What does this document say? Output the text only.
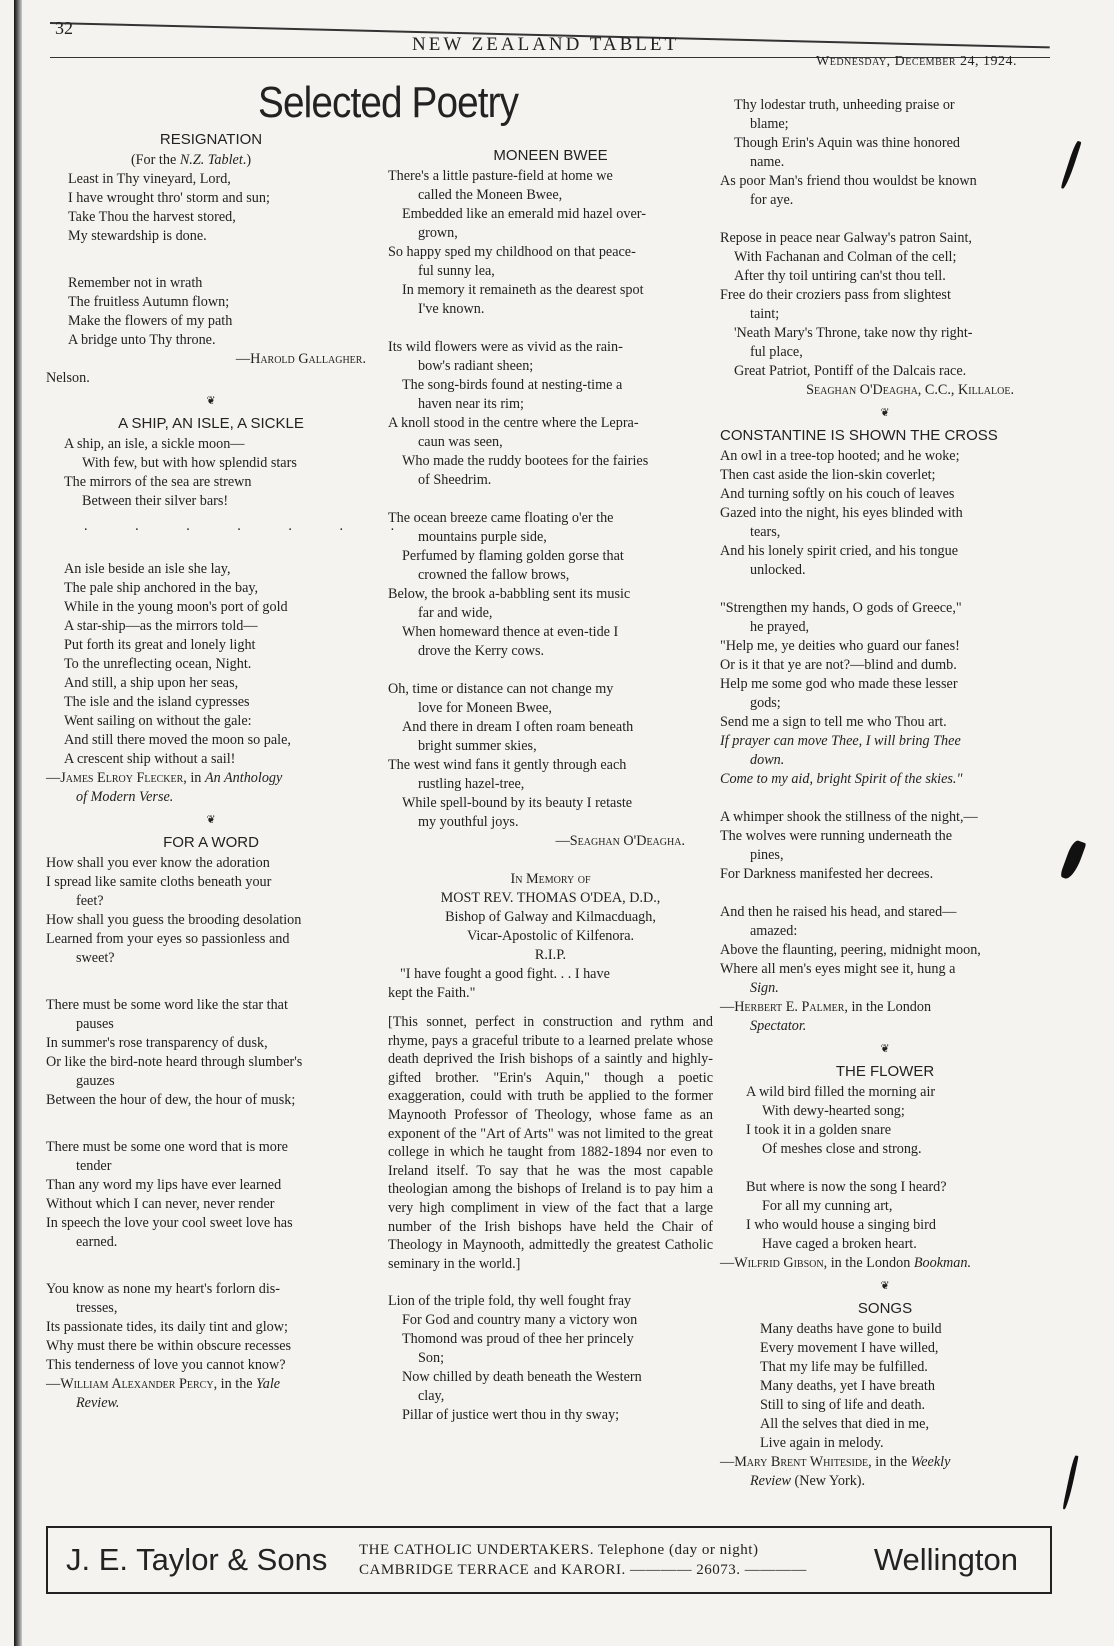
32
NEW ZEALAND TABLET
Wednesday, December 24, 1924.
Selected Poetry
RESIGNATION
(For the N.Z. Tablet.)
Least in Thy vineyard, Lord,
I have wrought thro' storm and sun;
Take Thou the harvest stored,
My stewardship is done.
Remember not in wrath
The fruitless Autumn flown;
Make the flowers of my path
A bridge unto Thy throne.
—Harold Gallagher.
Nelson.
❦
A SHIP, AN ISLE, A SICKLE
A ship, an isle, a sickle moon—
With few, but with how splendid stars
The mirrors of the sea are strewn
Between their silver bars!
. . . . . . .
An isle beside an isle she lay,
The pale ship anchored in the bay,
While in the young moon's port of gold
A star-ship—as the mirrors told—
Put forth its great and lonely light
To the unreflecting ocean, Night.
And still, a ship upon her seas,
The isle and the island cypresses
Went sailing on without the gale:
And still there moved the moon so pale,
A crescent ship without a sail!
—James Elroy Flecker, in An Anthology
of Modern Verse.
❦
FOR A WORD
How shall you ever know the adoration
I spread like samite cloths beneath your
feet?
How shall you guess the brooding desolation
Learned from your eyes so passionless and
sweet?
There must be some word like the star that
pauses
In summer's rose transparency of dusk,
Or like the bird-note heard through slumber's
gauzes
Between the hour of dew, the hour of musk;
There must be some one word that is more
tender
Than any word my lips have ever learned
Without which I can never, never render
In speech the love your cool sweet love has
earned.
You know as none my heart's forlorn dis-
tresses,
Its passionate tides, its daily tint and glow;
Why must there be within obscure recesses
This tenderness of love you cannot know?
—William Alexander Percy, in the Yale
Review.
MONEEN BWEE
There's a little pasture-field at home we
called the Moneen Bwee,
Embedded like an emerald mid hazel over-
grown,
So happy sped my childhood on that peace-
ful sunny lea,
In memory it remaineth as the dearest spot
I've known.
Its wild flowers were as vivid as the rain-
bow's radiant sheen;
The song-birds found at nesting-time a
haven near its rim;
A knoll stood in the centre where the Lepra-
caun was seen,
Who made the ruddy bootees for the fairies
of Sheedrim.
The ocean breeze came floating o'er the
mountains purple side,
Perfumed by flaming golden gorse that
crowned the fallow brows,
Below, the brook a-babbling sent its music
far and wide,
When homeward thence at even-tide I
drove the Kerry cows.
Oh, time or distance can not change my
love for Moneen Bwee,
And there in dream I often roam beneath
bright summer skies,
The west wind fans it gently through each
rustling hazel-tree,
While spell-bound by its beauty I retaste
my youthful joys.
—Seaghan O'Deagha.
In Memory of
MOST REV. THOMAS O'DEA, D.D.,
Bishop of Galway and Kilmacduagh,
Vicar-Apostolic of Kilfenora.
R.I.P.
"I have fought a good fight. . . I have
kept the Faith."
[This sonnet, perfect in construction and rythm and rhyme, pays a graceful tribute to a learned prelate whose death deprived the Irish bishops of a saintly and highly-gifted brother. "Erin's Aquin," though a poetic exaggeration, could with truth be applied to the former Maynooth Professor of Theology, whose fame as an exponent of the "Art of Arts" was not limited to the great college in which he taught from 1882-1894 nor even to Ireland itself. To say that he was the most capable theologian among the bishops of Ireland is to pay him a very high compliment in view of the fact that a large number of the Irish bishops have held the Chair of Theology in Maynooth, admittedly the greatest Catholic seminary in the world.]
Lion of the triple fold, thy well fought fray
For God and country many a victory won
Thomond was proud of thee her princely
Son;
Now chilled by death beneath the Western
clay,
Pillar of justice wert thou in thy sway;
Thy lodestar truth, unheeding praise or
blame;
Though Erin's Aquin was thine honored
name.
As poor Man's friend thou wouldst be known
for aye.
Repose in peace near Galway's patron Saint,
With Fachanan and Colman of the cell;
After thy toil untiring can'st thou tell.
Free do their croziers pass from slightest
taint;
'Neath Mary's Throne, take now thy right-
ful place,
Great Patriot, Pontiff of the Dalcais race.
Seaghan O'Deagha, C.C., Killaloe.
❦
CONSTANTINE IS SHOWN THE CROSS
An owl in a tree-top hooted; and he woke;
Then cast aside the lion-skin coverlet;
And turning softly on his couch of leaves
Gazed into the night, his eyes blinded with
tears,
And his lonely spirit cried, and his tongue
unlocked.
"Strengthen my hands, O gods of Greece,"
he prayed,
"Help me, ye deities who guard our fanes!
Or is it that ye are not?—blind and dumb.
Help me some god who made these lesser
gods;
Send me a sign to tell me who Thou art.
If prayer can move Thee, I will bring Thee
down.
Come to my aid, bright Spirit of the skies."
A whimper shook the stillness of the night,—
The wolves were running underneath the
pines,
For Darkness manifested her decrees.
And then he raised his head, and stared—
amazed:
Above the flaunting, peering, midnight moon,
Where all men's eyes might see it, hung a
Sign.
—Herbert E. Palmer, in the London
Spectator.
❦
THE FLOWER
A wild bird filled the morning air
With dewy-hearted song;
I took it in a golden snare
Of meshes close and strong.
But where is now the song I heard?
For all my cunning art,
I who would house a singing bird
Have caged a broken heart.
—Wilfrid Gibson, in the London Bookman.
❦
SONGS
Many deaths have gone to build
Every movement I have willed,
That my life may be fulfilled.
Many deaths, yet I have breath
Still to sing of life and death.
All the selves that died in me,
Live again in melody.
—Mary Brent Whiteside, in the Weekly
Review (New York).
J. E. Taylor & Sons THE CATHOLIC UNDERTAKERS. Telephone (day or night)
CAMBRIDGE TERRACE and KARORI. ———— 26073. ———— Wellington
